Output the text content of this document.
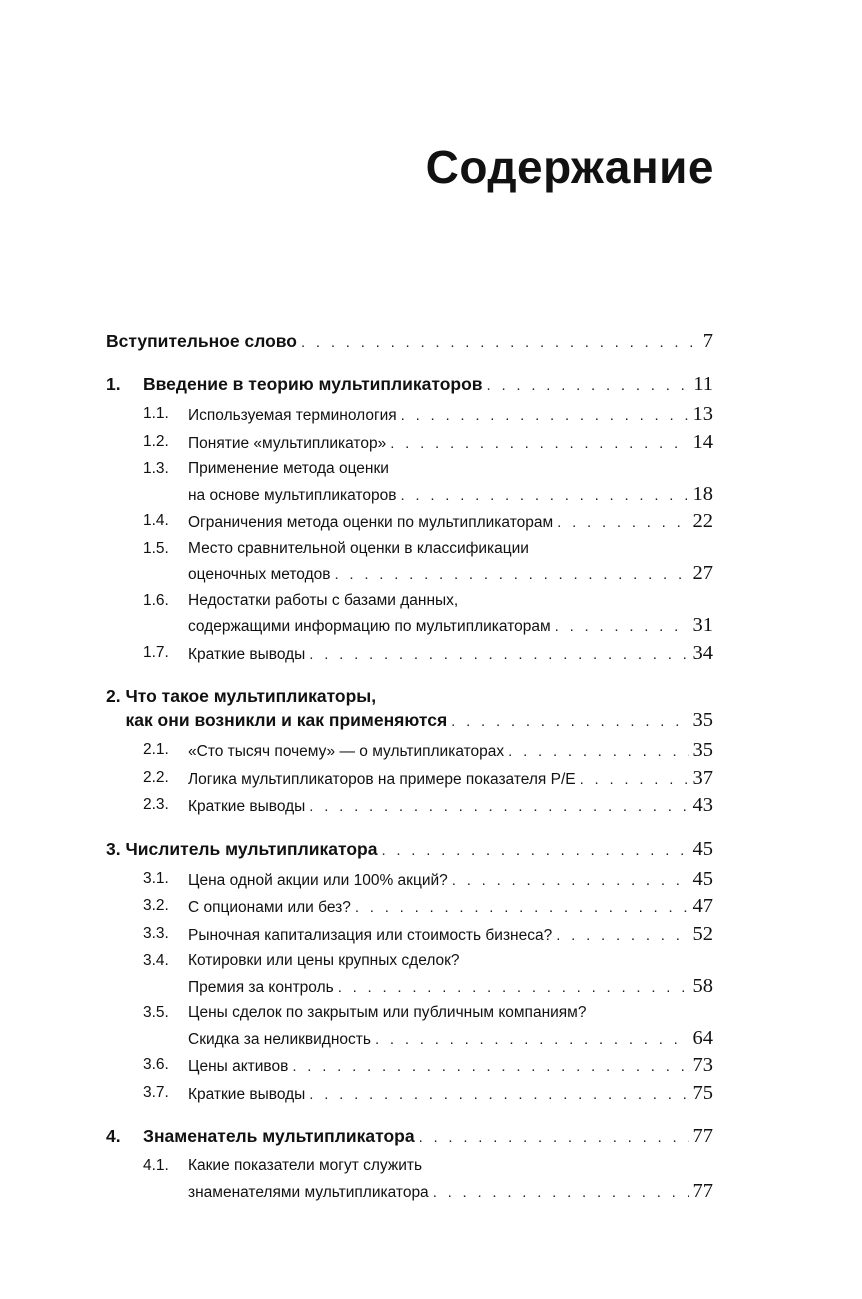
Содержание
Вступительное слово . . .	7
1. Введение в теорию мультипликаторов . . .	11
1.1. Используемая терминология . . .	13
1.2. Понятие «мультипликатор» . . .	14
1.3. Применение метода оценки
на основе мультипликаторов . . .	18
1.4. Ограничения метода оценки по мультипликаторам . . .	22
1.5. Место сравнительной оценки в классификации
оценочных методов . . .	27
1.6. Недостатки работы с базами данных,
содержащими информацию по мультипликаторам . . .	31
1.7. Краткие выводы . . .	34
2. Что такое мультипликаторы,
как они возникли и как применяются . . .	35
2.1. «Сто тысяч почему» — о мультипликаторах . . .	35
2.2. Логика мультипликаторов на примере показателя P/E . . .	37
2.3. Краткие выводы . . .	43
3. Числитель мультипликатора . . .	45
3.1. Цена одной акции или 100% акций? . . .	45
3.2. С опционами или без? . . .	47
3.3. Рыночная капитализация или стоимость бизнеса? . . .	52
3.4. Котировки или цены крупных сделок?
Премия за контроль . . .	58
3.5. Цены сделок по закрытым или публичным компаниям?
Скидка за неликвидность . . .	64
3.6. Цены активов . . .	73
3.7. Краткие выводы . . .	75
4. Знаменатель мультипликатора . . .	77
4.1. Какие показатели могут служить
знаменателями мультипликатора . . .	77
